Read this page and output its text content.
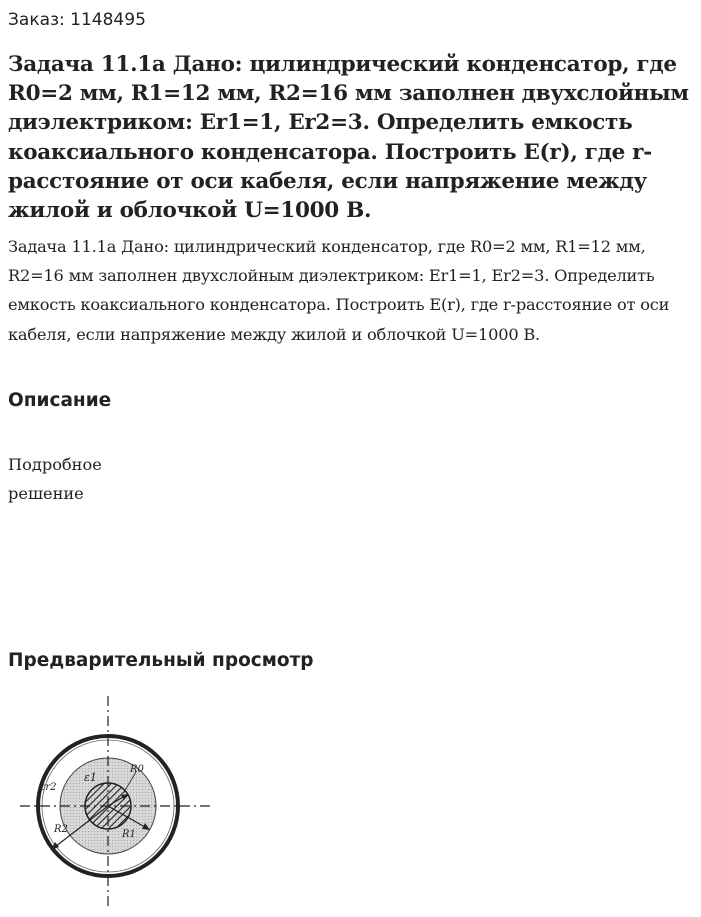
Заказ: 1148495
Задача 11.1а Дано: цилиндрический конденсатор, где R0=2 мм, R1=12 мм, R2=16 мм заполнен двухслойным диэлектриком: Er1=1, Er2=3. Определить емкость коаксиального конденсатора. Построить E(r), где r-расстояние от оси кабеля, если напряжение между жилой и облочкой U=1000 В.

Задача 11.1а Дано: цилиндрический конденсатор, где R0=2 мм, R1=12 мм, R2=16 мм заполнен двухслойным диэлектриком: Er1=1, Er2=3. Определить емкость коаксиального конденсатора. Построить E(r), где r-расстояние от оси кабеля, если напряжение между жилой и облочкой U=1000 В.

Описание

Подробное решение

Предварительный просмотр
ε1
εr2
R0
R1
R2
